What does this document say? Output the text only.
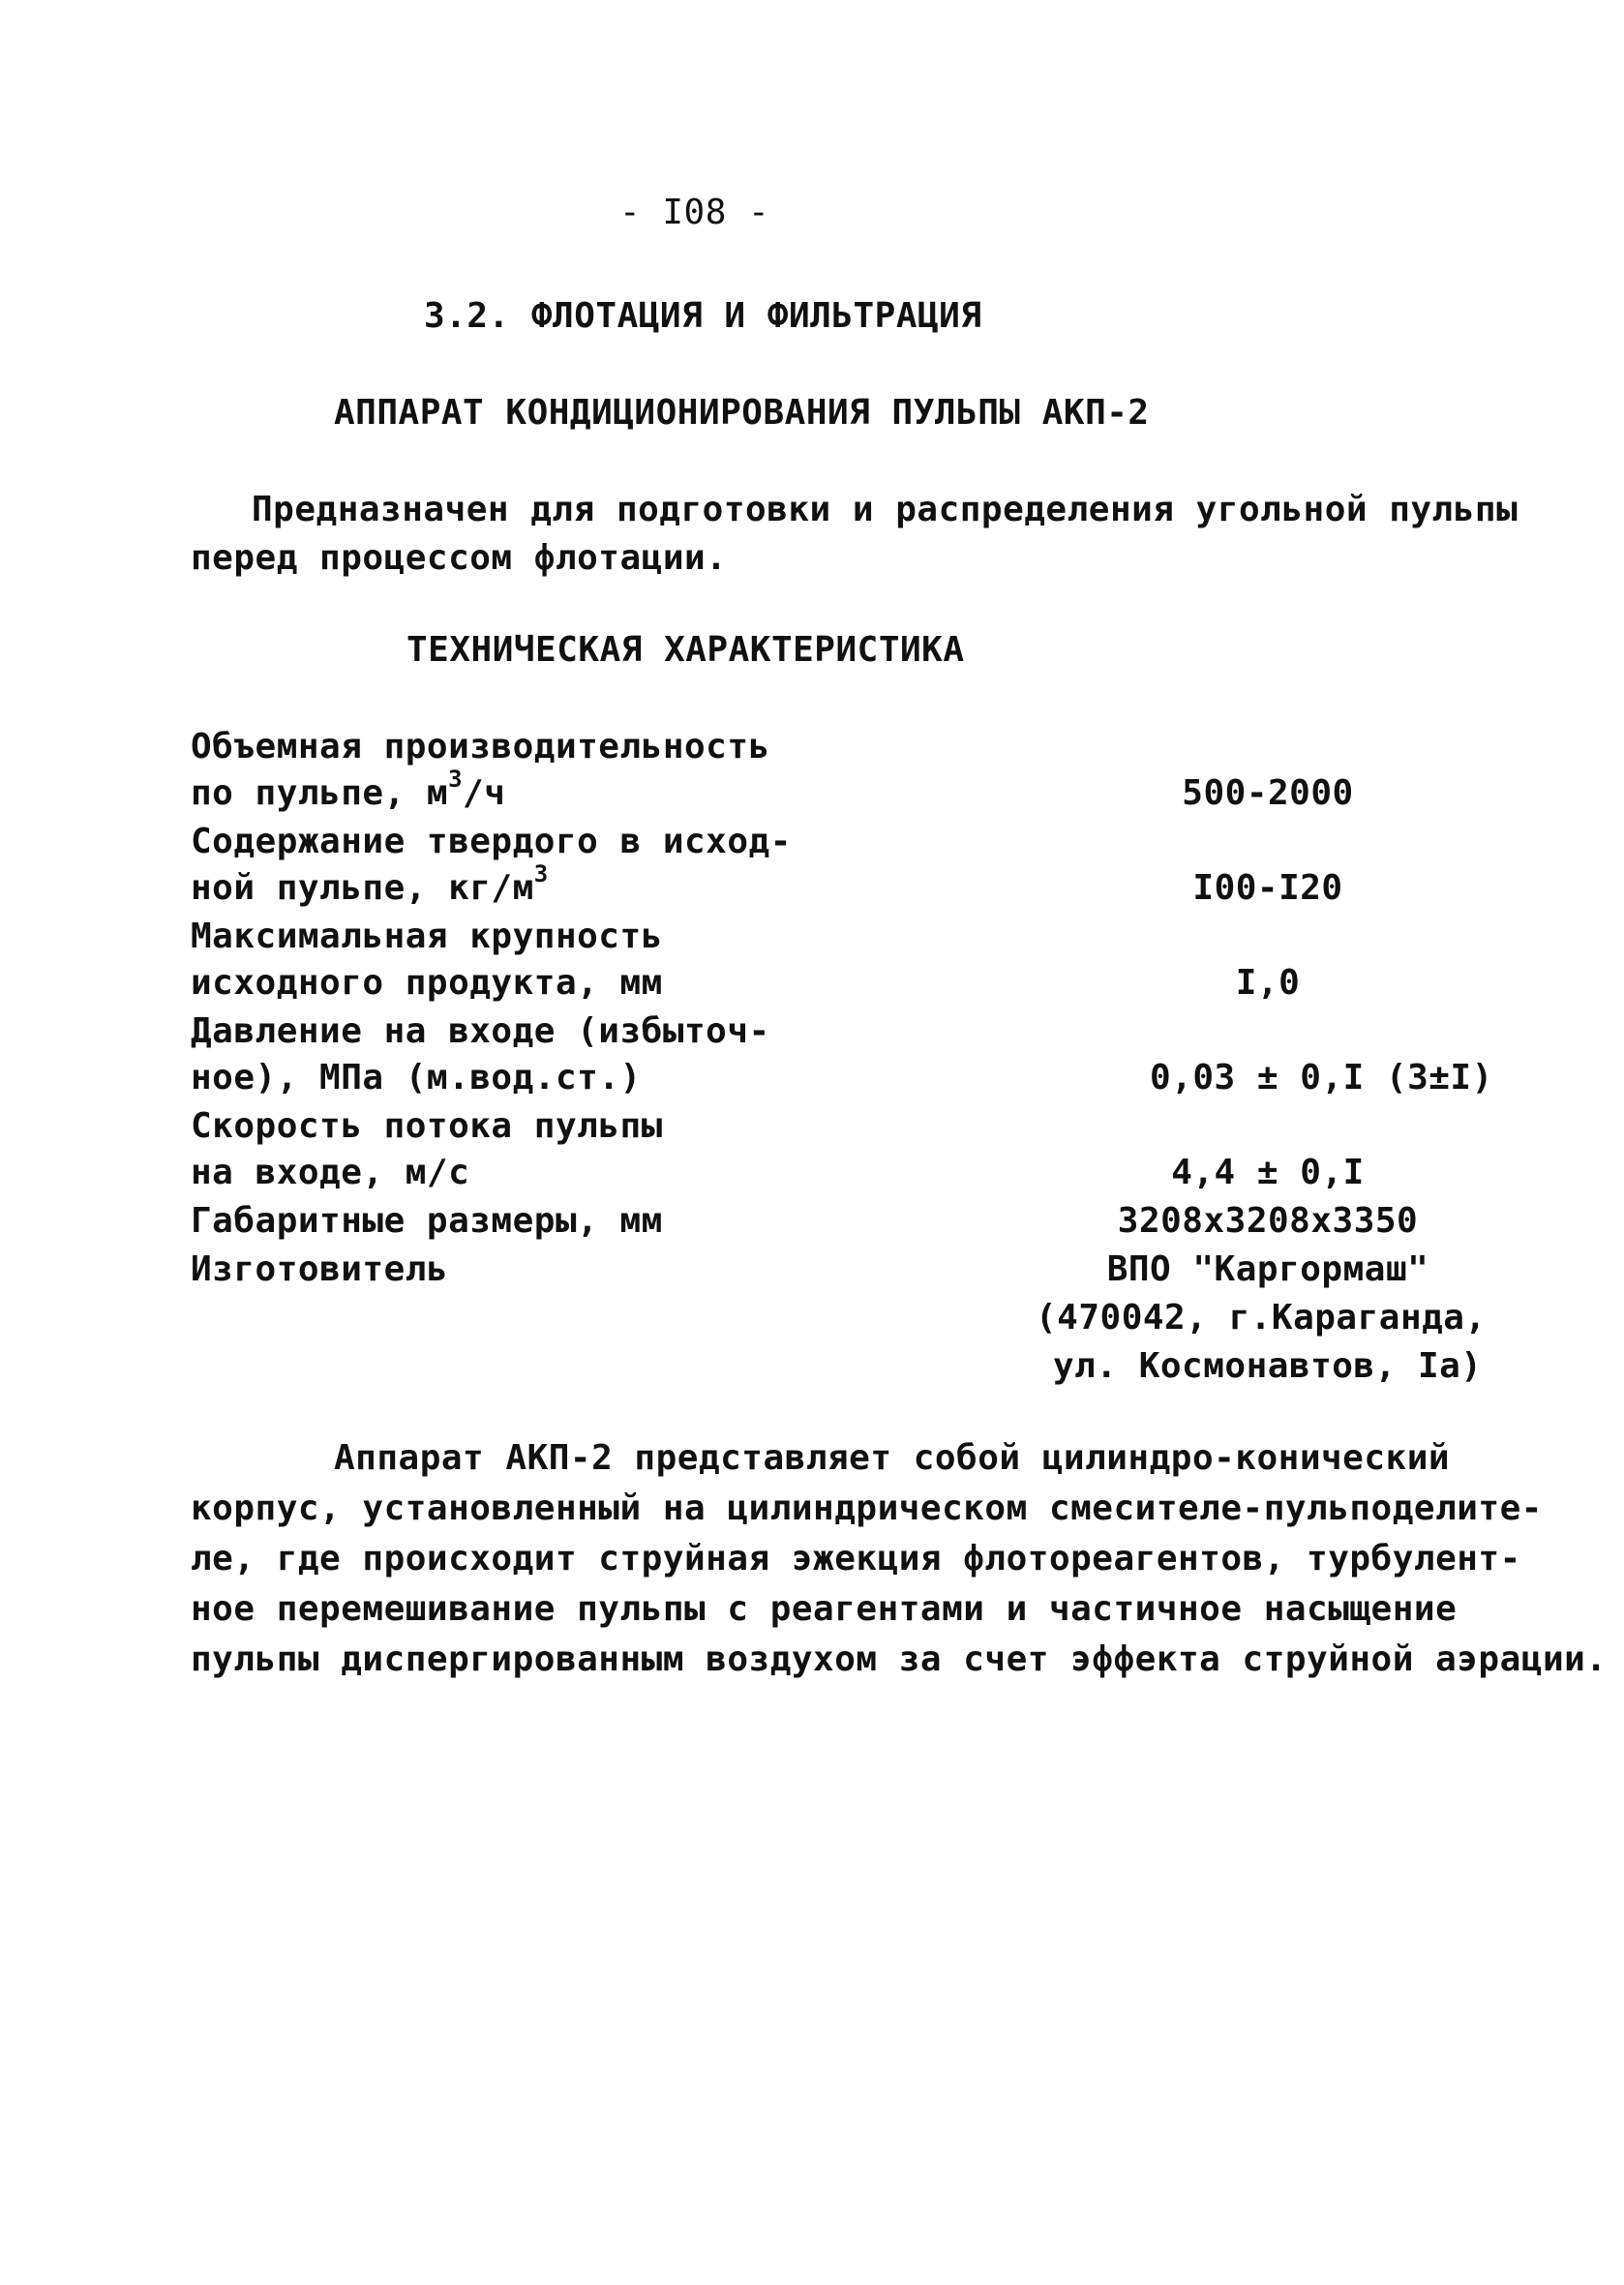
- I08 -
3.2. ФЛОТАЦИЯ И ФИЛЬТРАЦИЯ
АППАРАТ КОНДИЦИОНИРОВАНИЯ ПУЛЬПЫ АКП-2
Предназначен для подготовки и распределения угольной пульпы
перед процессом флотации.
ТЕХНИЧЕСКАЯ ХАРАКТЕРИСТИКА
Объемная производительность
по пульпе, $м^3/ч$	500-2000
Содержание твердого в исход-
ной пульпе, $кг/м^3$	I00-I20
Максимальная крупность
исходного продукта, мм	I,0
Давление на входе (избыточ-
ное), МПа (м.вод.ст.)	0,03 ± 0,I (3±I)
Скорость потока пульпы
на входе, м/с	4,4 ± 0,I
Габаритные размеры, мм	3208x3208x3350
Изготовитель	ВПО "Каргормаш"
(470042, г.Караганда,
ул. Космонавтов, Iа)
Аппарат АКП-2 представляет собой цилиндро-конический
корпус, установленный на цилиндрическом смесителе-пульподелите-
ле, где происходит струйная эжекция флотореагентов, турбулент-
ное перемешивание пульпы с реагентами и частичное насыщение
пульпы диспергированным воздухом за счет эффекта струйной аэрации.
